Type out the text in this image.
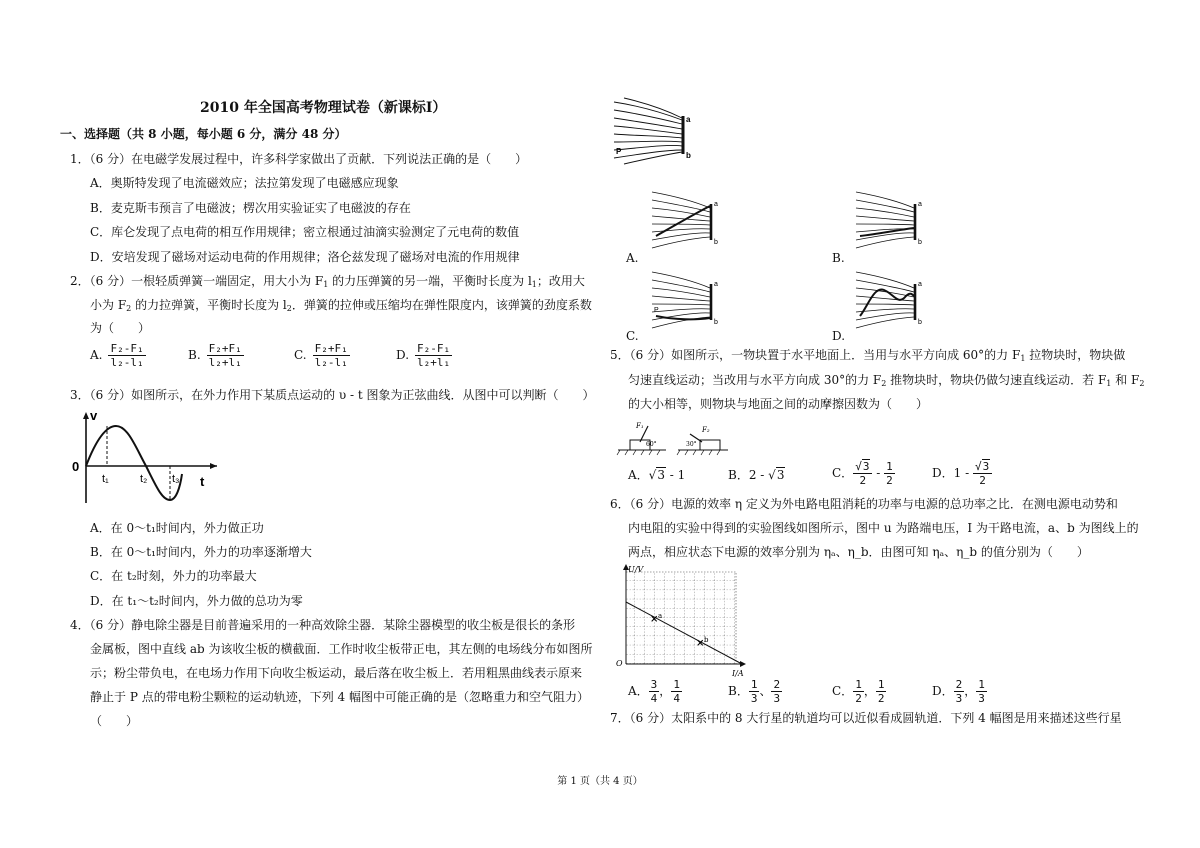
2010 年全国高考物理试卷（新课标Ⅰ）
一、选择题（共 8 小题，每小题 6 分，满分 48 分）
1．（6 分）在电磁学发展过程中，许多科学家做出了贡献．下列说法正确的是（　　）
A．奥斯特发现了电流磁效应；法拉第发现了电磁感应现象
B．麦克斯韦预言了电磁波；楞次用实验证实了电磁波的存在
C．库仑发现了点电荷的相互作用规律；密立根通过油滴实验测定了元电荷的数值
D．安培发现了磁场对运动电荷的作用规律；洛仑兹发现了磁场对电流的作用规律
2．（6 分）一根轻质弹簧一端固定，用大小为 $F_1$ 的力压弹簧的另一端，平衡时长度为 $l_1$；改用大
小为 $F_2$ 的力拉弹簧，平衡时长度为 $l_2$．弹簧的拉伸或压缩均在弹性限度内，该弹簧的劲度系数
为（　　）
A. $\frac{\text{F₂-F₁}}{\text{l₂-l₁}}$	B. $\frac{\text{F₂+F₁}}{\text{l₂+l₁}}$	C. $\frac{\text{F₂+F₁}}{\text{l₂-l₁}}$	D. $\frac{\text{F₂-F₁}}{\text{l₂+l₁}}$
3．（6 分）如图所示，在外力作用下某质点运动的 υ - t 图象为正弦曲线．从图中可以判断（　　）
v
0
t₁	t₂ t₃ t
A．在 0～t₁时间内，外力做正功
B．在 0～t₁时间内，外力的功率逐渐增大
C．在 t₂时刻，外力的功率最大
D．在 t₁～t₂时间内，外力做的总功为零
4．（6 分）静电除尘器是目前普遍采用的一种高效除尘器．某除尘器模型的收尘板是很长的条形
金属板，图中直线 ab 为该收尘板的横截面．工作时收尘板带正电，其左侧的电场线分布如图所
示；粉尘带负电，在电场力作用下向收尘板运动，最后落在收尘板上．若用粗黑曲线表示原来
静止于 P 点的带电粉尘颗粒的运动轨迹，下列 4 幅图中可能正确的是（忽略重力和空气阻力）
（　　）
a
b
P
A.
a
b
B.
a
b
C.
a
b
P
D.
a
b
5．（6 分）如图所示，一物块置于水平地面上．当用与水平方向成 60°的力 $F_1$ 拉物块时，物块做
匀速直线运动；当改用与水平方向成 30°的力 $F_2$ 推物块时，物块仍做匀速直线运动．若 $F_1$ 和 $F_2$
的大小相等，则物块与地面之间的动摩擦因数为（　　）
F₁
60°
F₂
30°
A．√3 - 1	B．2 - √3	C． $\frac{√3}{2} - \frac{1}{2}$	D．$1 - \frac{√3}{2}$
6．（6 分）电源的效率 η 定义为外电路电阻消耗的功率与电源的总功率之比．在测电源电动势和
内电阻的实验中得到的实验图线如图所示，图中 u 为路端电压，I 为干路电流，a、b 为图线上的
两点，相应状态下电源的效率分别为 ηₐ、η_b．由图可知 ηₐ、η_b 的值分别为（　　）
×
×
a
b
U/V
I/A
O
A． $\frac{3}{4}$ ， $\frac{1}{4}$	B． $\frac{1}{3}$ 、 $\frac{2}{3}$	C． $\frac{1}{2}$ ， $\frac{1}{2}$	D． $\frac{2}{3}$ ， $\frac{1}{3}$
7．（6 分）太阳系中的 8 大行星的轨道均可以近似看成圆轨道．下列 4 幅图是用来描述这些行星
第 1 页（共 4 页）
